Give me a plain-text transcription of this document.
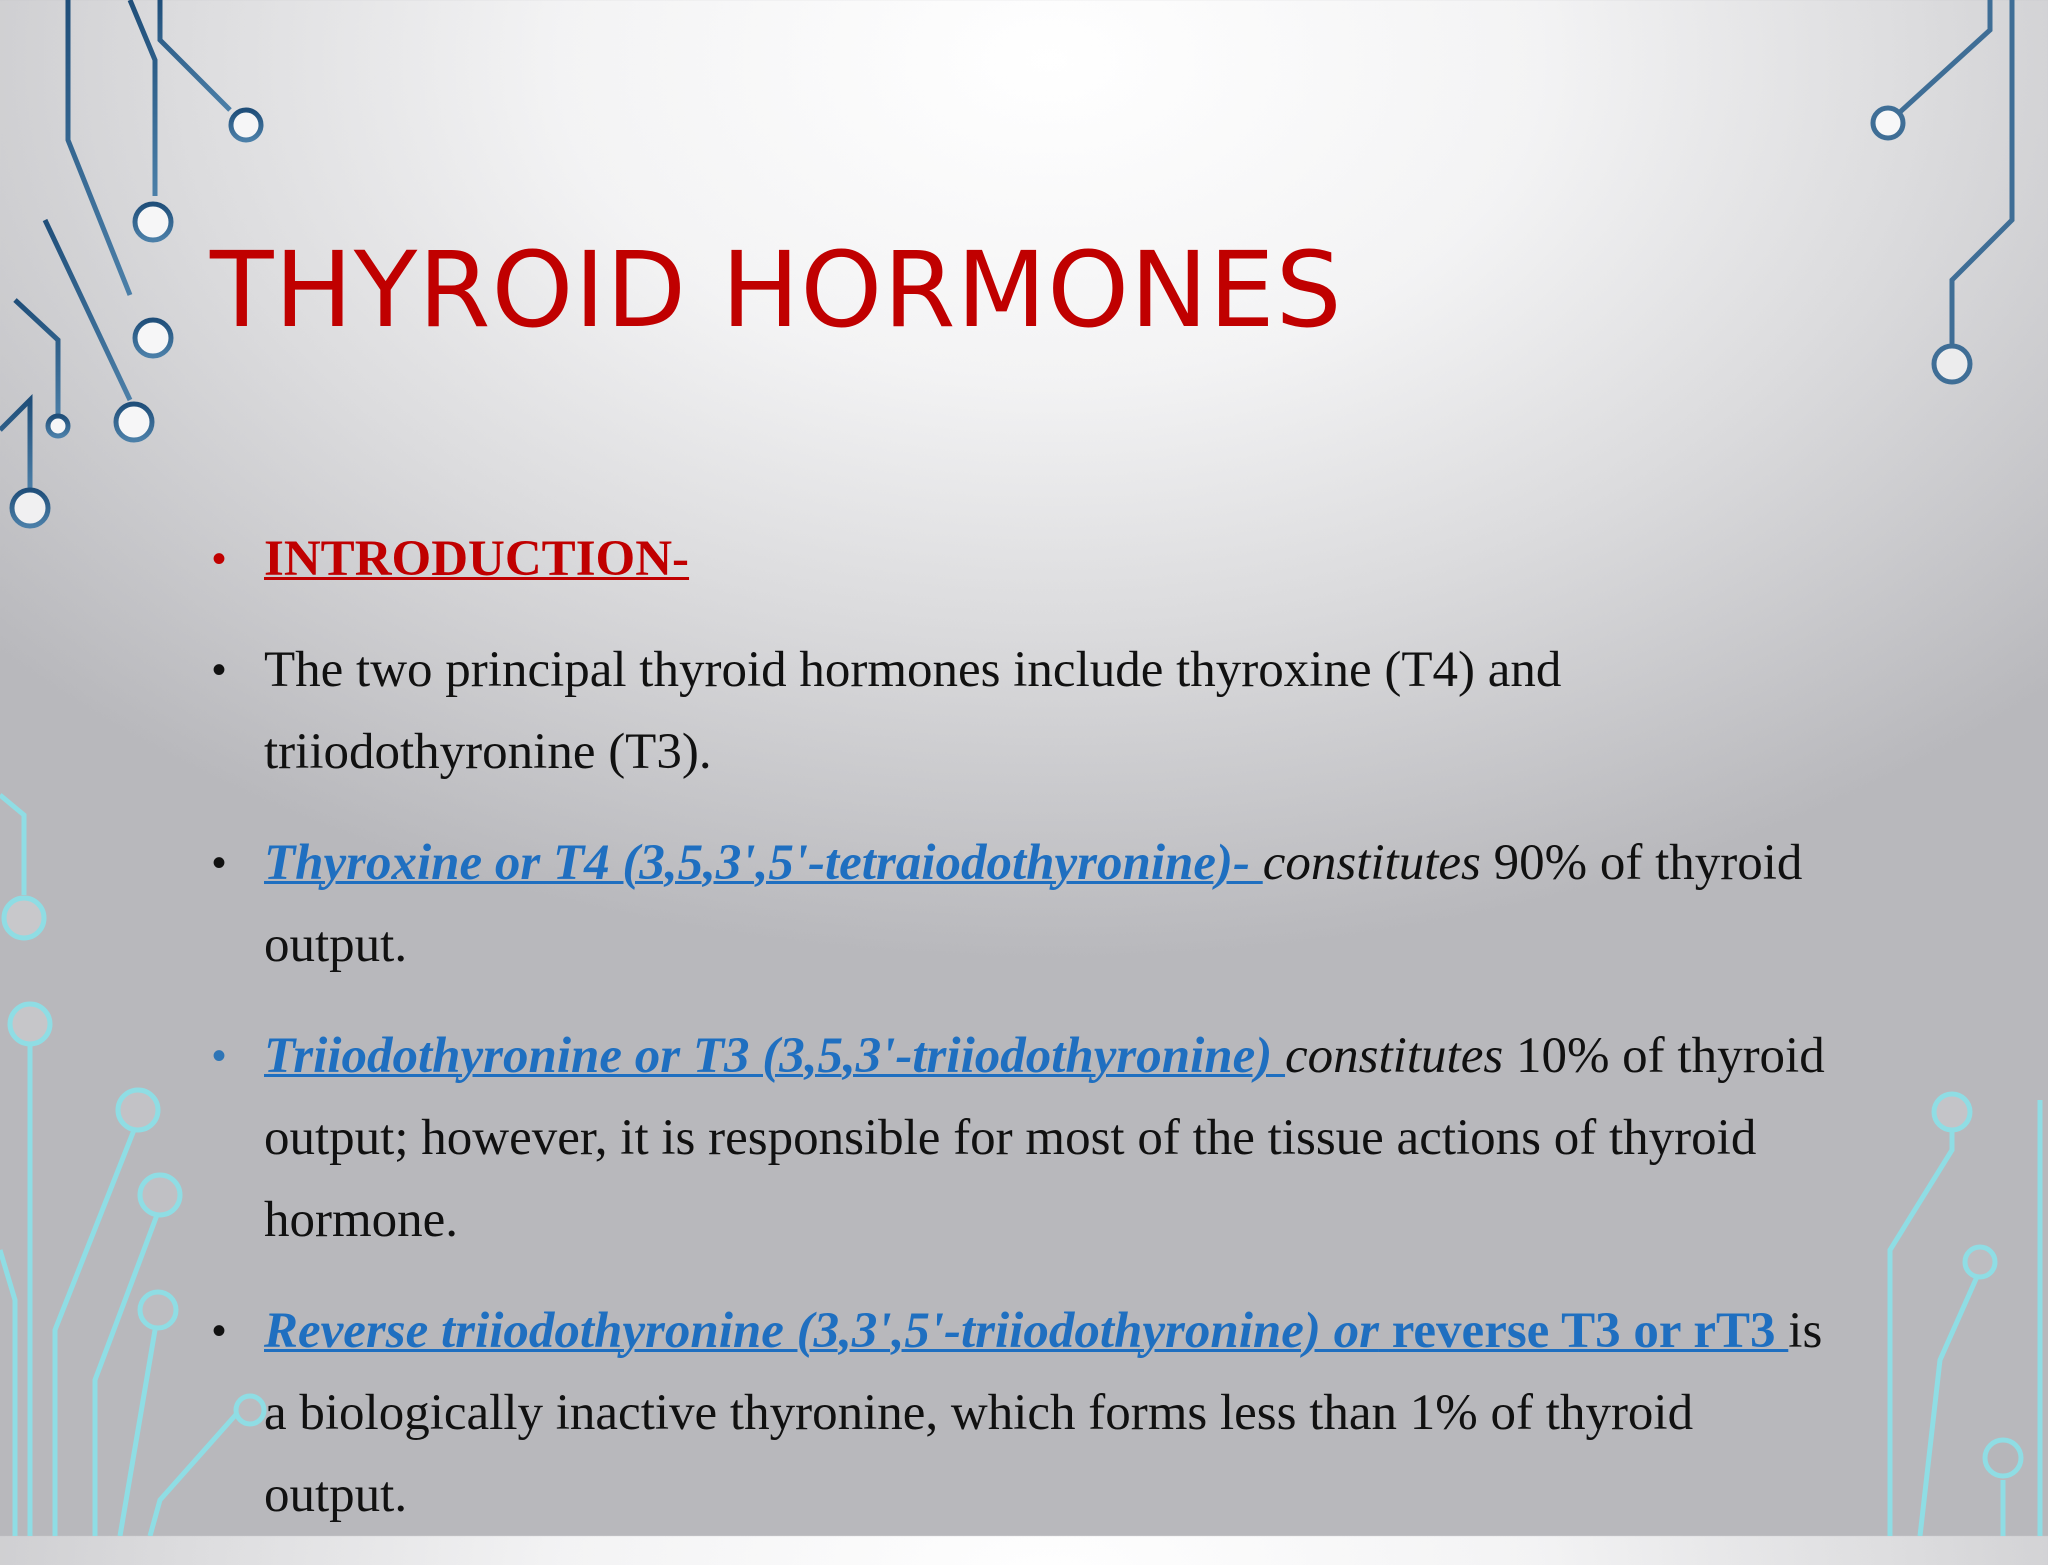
THYROID HORMONES
• INTRODUCTION-
• The two principal thyroid hormones include thyroxine (T4) and triiodothyronine (T3).
• Thyroxine or T4 (3,5,3',5'-tetraiodothyronine)- constitutes 90% of thyroid output.
• Triiodothyronine or T3 (3,5,3'-triiodothyronine) constitutes 10% of thyroid output; however, it is responsible for most of the tissue actions of thyroid hormone.
• Reverse triiodothyronine (3,3',5'-triiodothyronine) or reverse T3 or rT3 is a biologically inactive thyronine, which forms less than 1% of thyroid output.
